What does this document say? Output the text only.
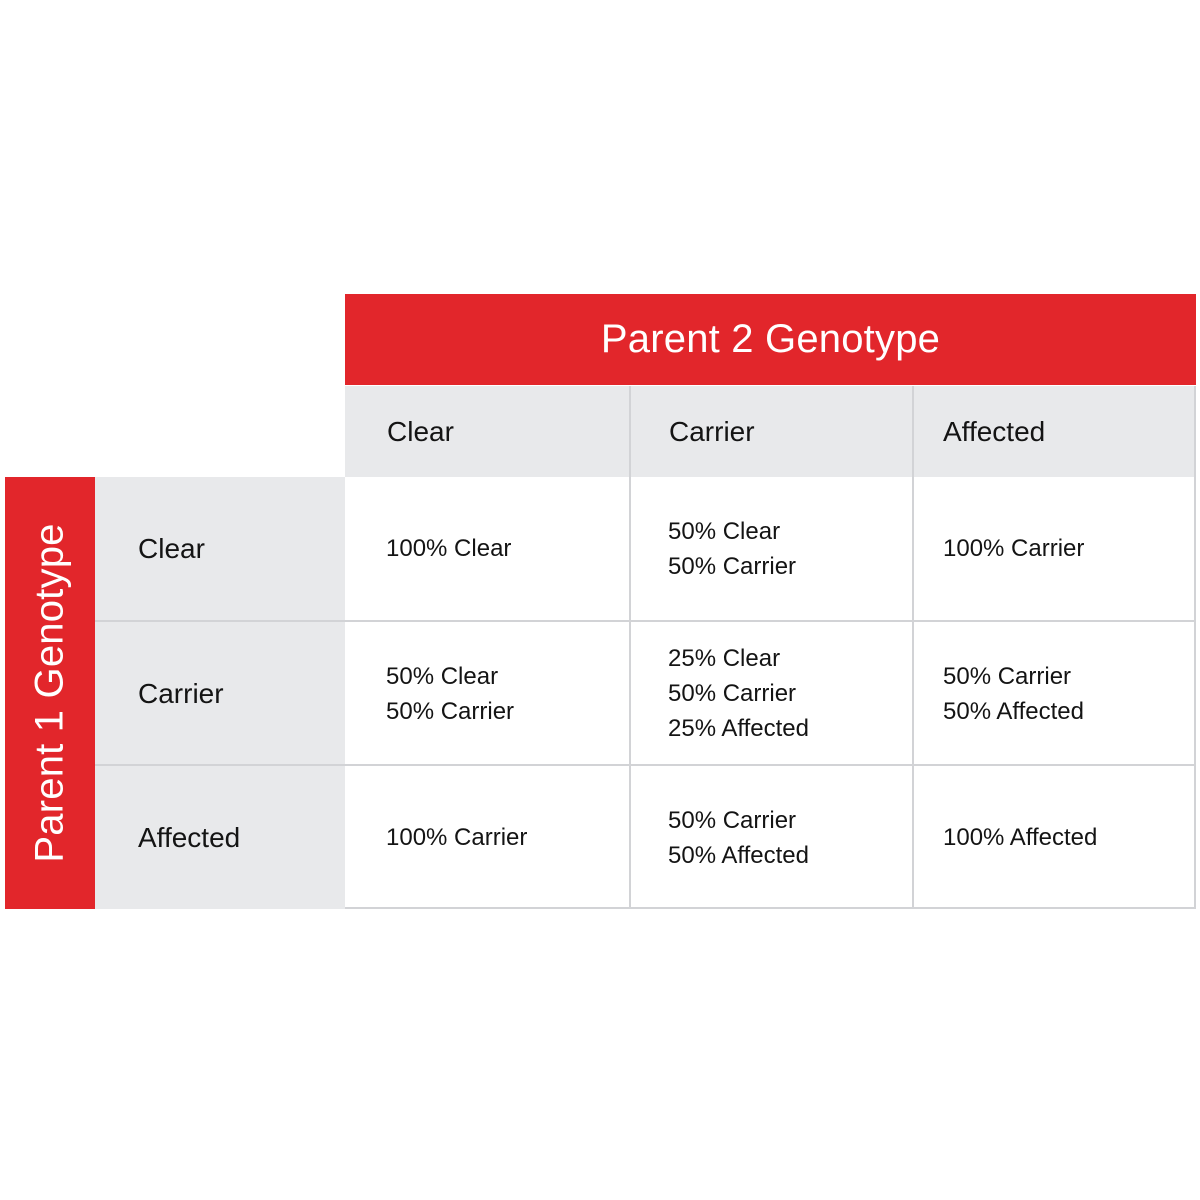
Parent 2 Genotype
Parent 1 Genotype
Clear	Carrier	Affected
Clear
Carrier
Affected
100% Clear
50% Clear
50% Carrier
100% Carrier
50% Clear
50% Carrier
25% Clear
50% Carrier
25% Affected
50% Carrier
50% Affected
100% Carrier
50% Carrier
50% Affected
100% Affected
